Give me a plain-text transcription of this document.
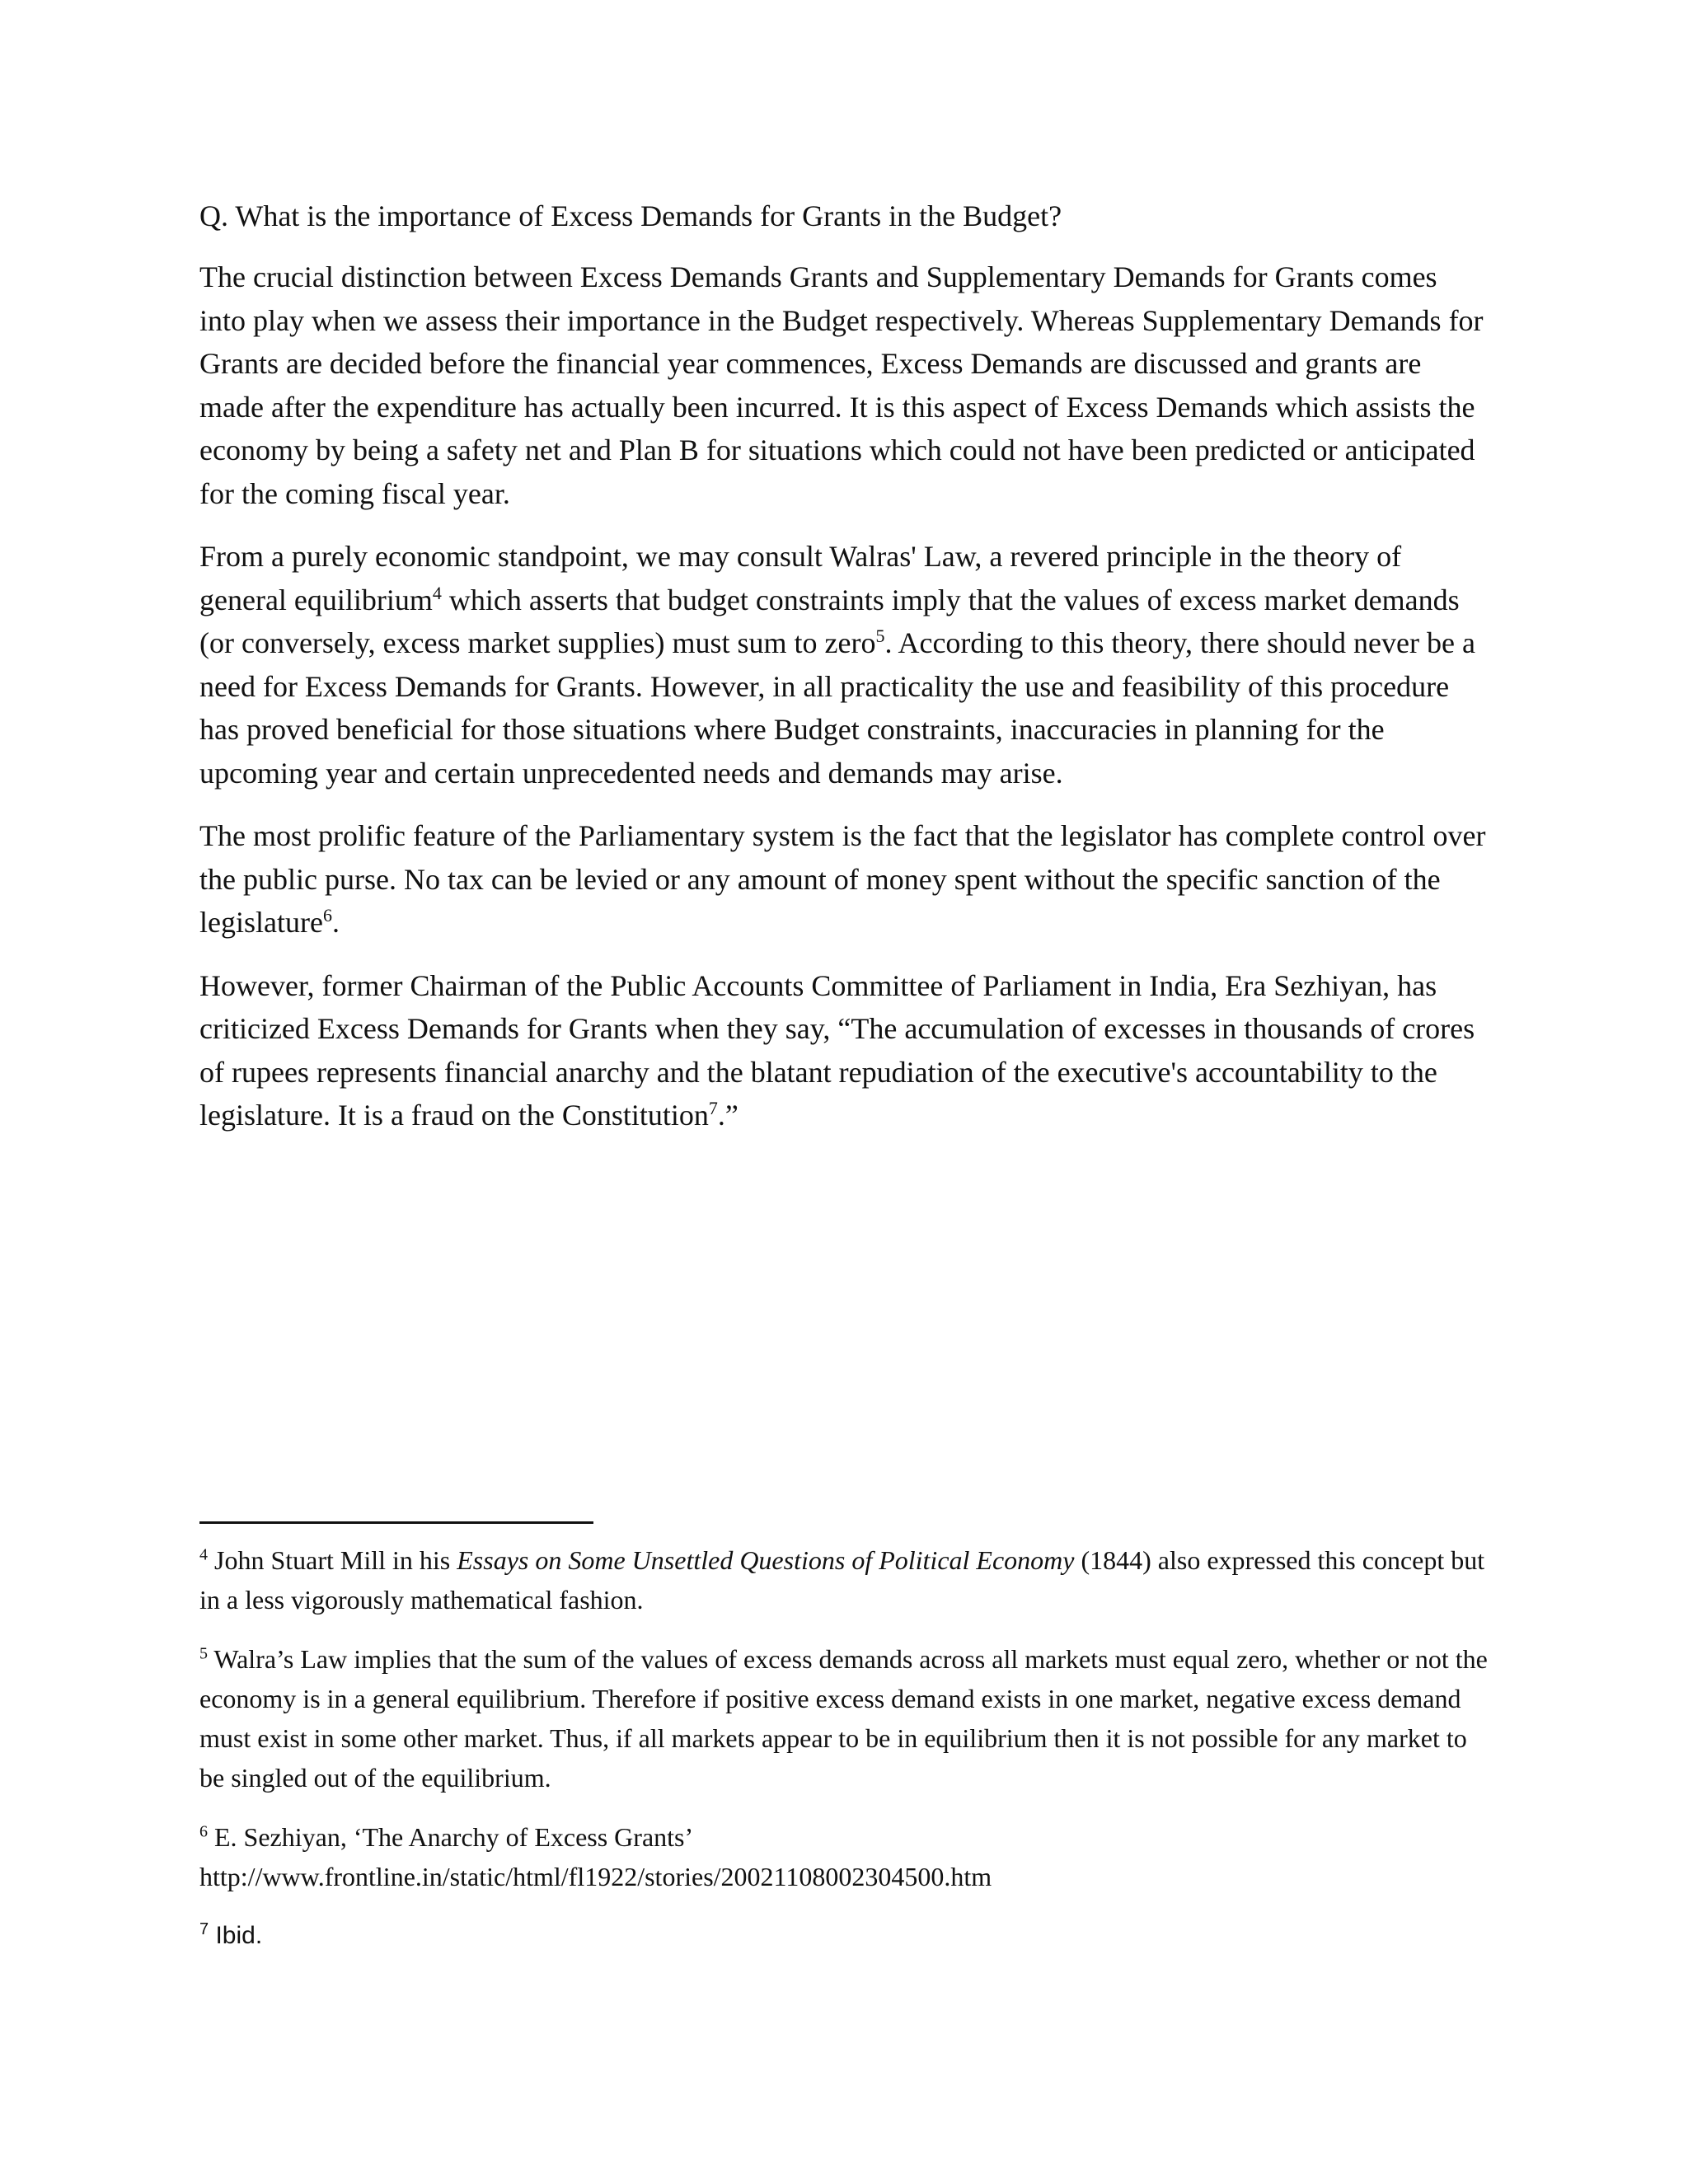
Q. What is the importance of Excess Demands for Grants in the Budget?

The crucial distinction between Excess Demands Grants and Supplementary Demands for Grants comes into play when we assess their importance in the Budget respectively. Whereas Supplementary Demands for Grants are decided before the financial year commences, Excess Demands are discussed and grants are made after the expenditure has actually been incurred. It is this aspect of Excess Demands which assists the economy by being a safety net and Plan B for situations which could not have been predicted or anticipated for the coming fiscal year.

From a purely economic standpoint, we may consult Walras' Law, a revered principle in the theory of general equilibrium$^4$ which asserts that budget constraints imply that the values of excess market demands (or conversely, excess market supplies) must sum to zero$^5$. According to this theory, there should never be a need for Excess Demands for Grants. However, in all practicality the use and feasibility of this procedure has proved beneficial for those situations where Budget constraints, inaccuracies in planning for the upcoming year and certain unprecedented needs and demands may arise.

The most prolific feature of the Parliamentary system is the fact that the legislator has complete control over the public purse. No tax can be levied or any amount of money spent without the specific sanction of the legislature$^6$.

However, former Chairman of the Public Accounts Committee of Parliament in India, Era Sezhiyan, has criticized Excess Demands for Grants when they say, “The accumulation of excesses in thousands of crores of rupees represents financial anarchy and the blatant repudiation of the executive's accountability to the legislature. It is a fraud on the Constitution$^7$.”

$^4$ John Stuart Mill in his Essays on Some Unsettled Questions of Political Economy (1844) also expressed this concept but in a less vigorously mathematical fashion.

$^5$ Walra’s Law implies that the sum of the values of excess demands across all markets must equal zero, whether or not the economy is in a general equilibrium. Therefore if positive excess demand exists in one market, negative excess demand must exist in some other market. Thus, if all markets appear to be in equilibrium then it is not possible for any market to be singled out of the equilibrium.

$^6$ E. Sezhiyan, ‘The Anarchy of Excess Grants’
http://www.frontline.in/static/html/fl1922/stories/20021108002304500.htm

$^7$ Ibid.
